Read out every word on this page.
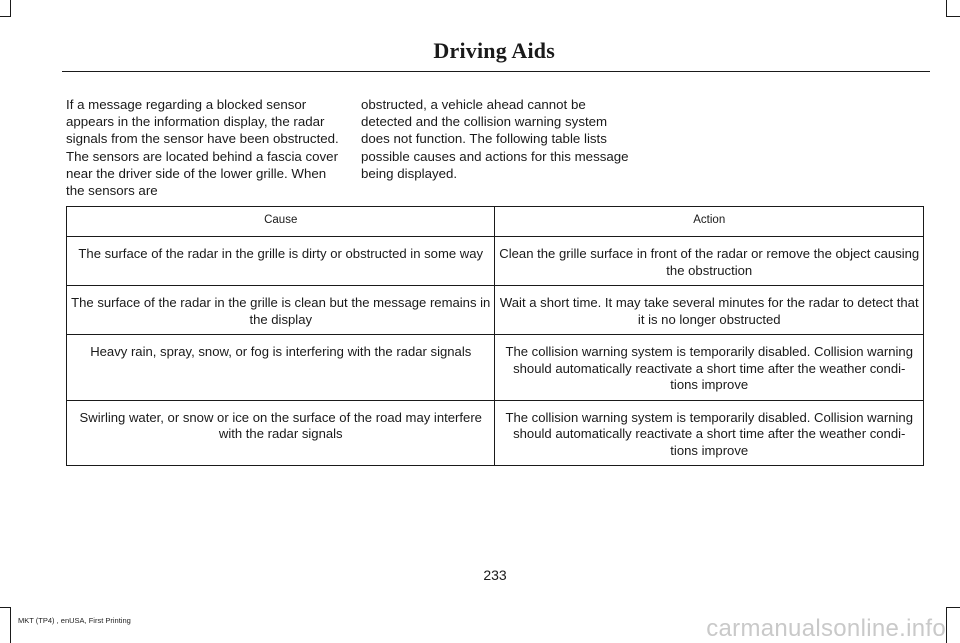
Driving Aids
If a message regarding a blocked sensor appears in the information display, the radar signals from the sensor have been obstructed. The sensors are located behind a fascia cover near the driver side of the lower grille. When the sensors are
obstructed, a vehicle ahead cannot be detected and the collision warning system does not function. The following table lists possible causes and actions for this message being displayed.
Cause	Action
The surface of the radar in the grille is dirty or obstructed in some way	Clean the grille surface in front of the radar or remove the object causing the obstruction
The surface of the radar in the grille is clean but the message remains in the display	Wait a short time. It may take several minutes for the radar to detect that it is no longer obstructed
Heavy rain, spray, snow, or fog is interfering with the radar signals	The collision warning system is temporarily disabled. Collision warning should automatically reactivate a short time after the weather condi- tions improve
Swirling water, or snow or ice on the surface of the road may interfere with the radar signals	The collision warning system is temporarily disabled. Collision warning should automatically reactivate a short time after the weather condi- tions improve
233
MKT (TP4) , enUSA, First Printing	carmanualsonline.info
